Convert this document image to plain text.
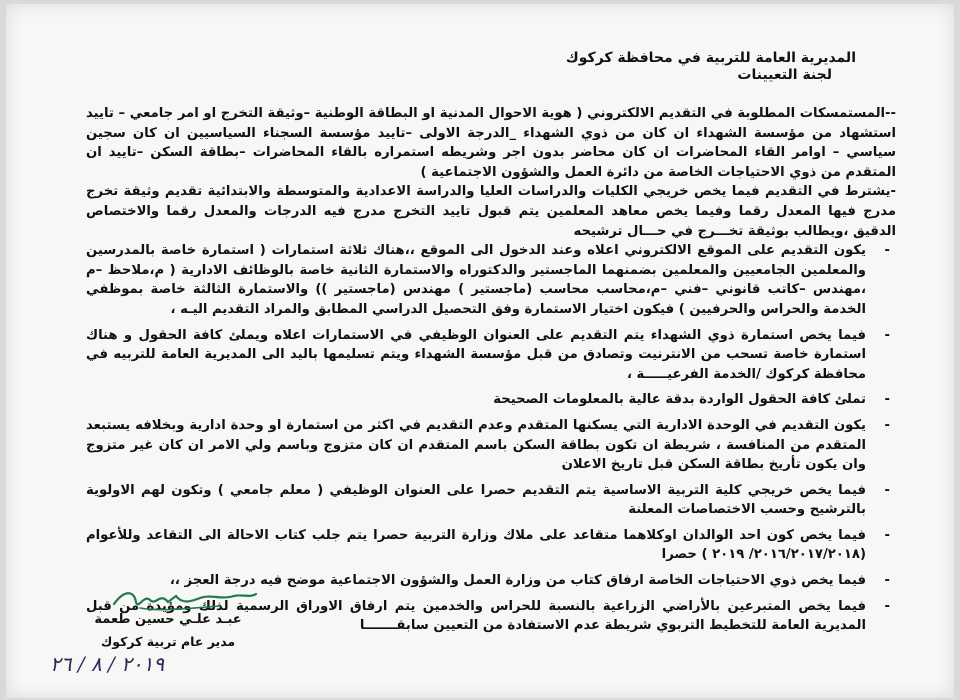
المديرية العامة للتربية في محافظة كركوك
لجنة التعيينات

--المستمسكات المطلوبة في التقديم الالكتروني ( هوية الاحوال المدنية او البطاقة الوطنية –وثيقة التخرج او امر جامعي – تاييد استشهاد من مؤسسة الشهداء ان كان من ذوي الشهداء _الدرجة الاولى –تاييد مؤسسة السجناء السياسيين ان كان سجين سياسي – اوامر القاء المحاضرات ان كان محاضر بدون اجر وشريطه استمراره بالقاء المحاضرات –بطاقة السكن –تاييد ان المتقدم من ذوي الاحتياجات الخاصة من دائرة العمل والشؤون الاجتماعية )

-يشترط في التقديم فيما يخص خريجي الكليات والدراسات العليا والدراسة الاعدادية والمتوسطة والابتدائية تقديم وثيقة تخرج مدرج فيها المعدل رقما وفيما يخص معاهد المعلمين يتم قبول تاييد التخرج مدرج فيه الدرجات والمعدل رقما والاختصاص الدقيق ،ويطالب بوثيقة تخـــرج في حـــال ترشيحه

-
يكون التقديم على الموقع الالكتروني اعلاه وعند الدخول الى الموقع ،،هناك ثلاثة استمارات ( استمارة خاصة بالمدرسين والمعلمين الجامعيين والمعلمين بضمنهما الماجستير والدكتوراه والاستمارة الثانية خاصة بالوظائف الادارية ( م،ملاحظ –م ،مهندس –كاتب قانوني –فني –م،محاسب محاسب (ماجستير ) مهندس (ماجستير )) والاستمارة الثالثة خاصة بموظفي الخدمة والحراس والحرفيين ) فيكون اختيار الاستمارة وفق التحصيل الدراسي المطابق والمراد التقديم اليـه ،
-
فيما يخص استمارة ذوي الشهداء يتم التقديم على العنوان الوظيفي في الاستمارات اعلاه ويملئ كافة الحقول و هناك استمارة خاصة تسحب من الانترنيت وتصادق من قبل مؤسسة الشهداء ويتم تسليمها باليد الى المديرية العامة للتربيه في محافظة كركوك /الخدمة الفرعيـــــة ،
-
تملئ كافة الحقول الواردة بدقة عالية بالمعلومات الصحيحة
-
يكون التقديم في الوحدة الادارية التي يسكنها المتقدم وعدم التقديم في اكثر من استمارة او وحدة ادارية وبخلافه يستبعد المتقدم من المنافسة ، شريطة ان تكون بطاقة السكن باسم المتقدم ان كان متزوج وباسم ولي الامر ان كان غير متزوج وان يكون تأريخ بطاقة السكن قبل تاريخ الاعلان
-
فيما يخص خريجي كلية التربية الاساسية يتم التقديم حصرا على العنوان الوظيفي ( معلم جامعي ) وتكون لهم الاولوية بالترشيح وحسب الاختصاصات المعلنة
-
فيما يخص كون احد الوالدان اوكلاهما متقاعد على ملاك وزارة التربية حصرا يتم جلب كتاب الاحالة الى التقاعد وللأعوام (٢٠١٦/٢٠١٧/٢٠١٨/ ٢٠١٩ ) حصرا
-
فيما يخص ذوي الاحتياجات الخاصة ارفاق كتاب من وزارة العمل والشؤون الاجتماعية موضح فيه درجة العجز ،،
-
فيما يخص المتبرعين بالأراضي الزراعية بالنسبة للحراس والخدمين يتم ارفاق الاوراق الرسمية لذلك ومؤيدة من قبل المديرية العامة للتخطيط التربوي شريطة عدم الاستفادة من التعيين سابقـــــــا
عبـد علـي حسين طعمة
مدير عام تربية كركوك
٢٠١٩ / ٨ / ٢٦
